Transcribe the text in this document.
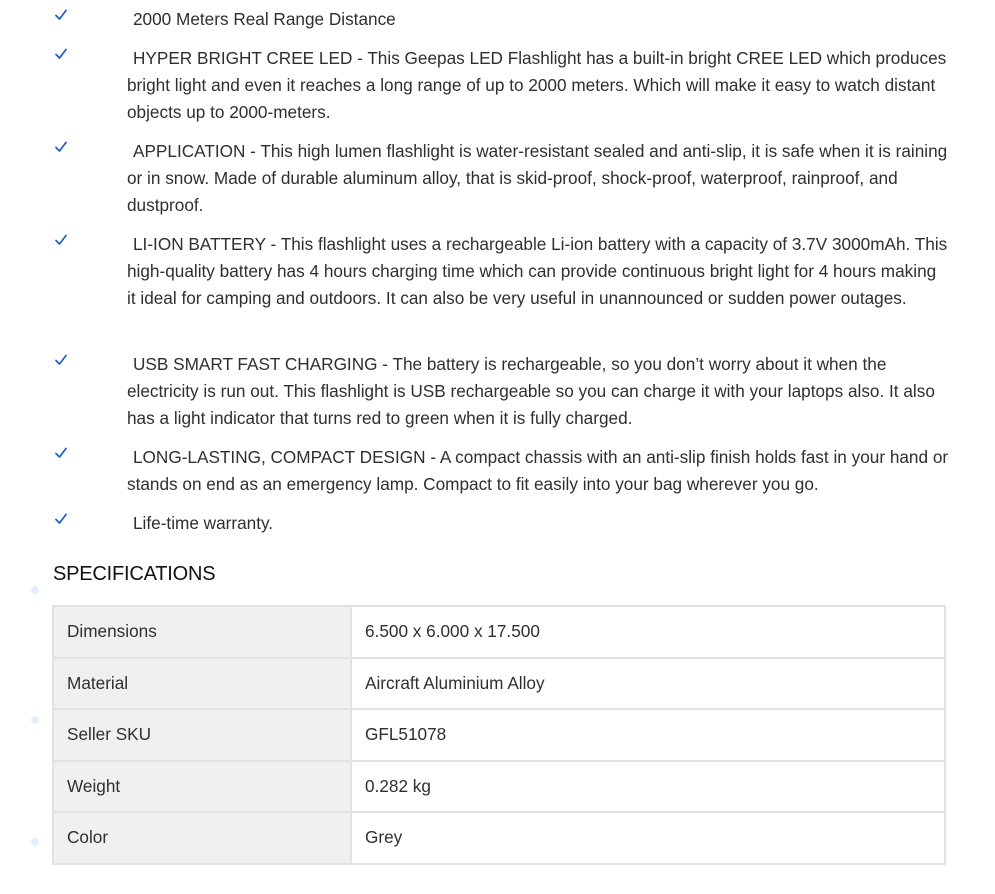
2000 Meters Real Range Distance
HYPER BRIGHT CREE LED - This Geepas LED Flashlight has a built-in bright CREE LED which produces bright light and even it reaches a long range of up to 2000 meters. Which will make it easy to watch distant objects up to 2000-meters.
APPLICATION - This high lumen flashlight is water-resistant sealed and anti-slip, it is safe when it is raining or in snow. Made of durable aluminum alloy, that is skid-proof, shock-proof, waterproof, rainproof, and dustproof.
LI-ION BATTERY - This flashlight uses a rechargeable Li-ion battery with a capacity of 3.7V 3000mAh. This high-quality battery has 4 hours charging time which can provide continuous bright light for 4 hours making it ideal for camping and outdoors. It can also be very useful in unannounced or sudden power outages.
USB SMART FAST CHARGING - The battery is rechargeable, so you don’t worry about it when the electricity is run out. This flashlight is USB rechargeable so you can charge it with your laptops also. It also has a light indicator that turns red to green when it is fully charged.
LONG-LASTING, COMPACT DESIGN - A compact chassis with an anti-slip finish holds fast in your hand or stands on end as an emergency lamp. Compact to fit easily into your bag wherever you go.
Life-time warranty.
SPECIFICATIONS
Dimensions	6.500 x 6.000 x 17.500
Material	Aircraft Aluminium Alloy
Seller SKU	GFL51078
Weight	0.282 kg
Color	Grey
